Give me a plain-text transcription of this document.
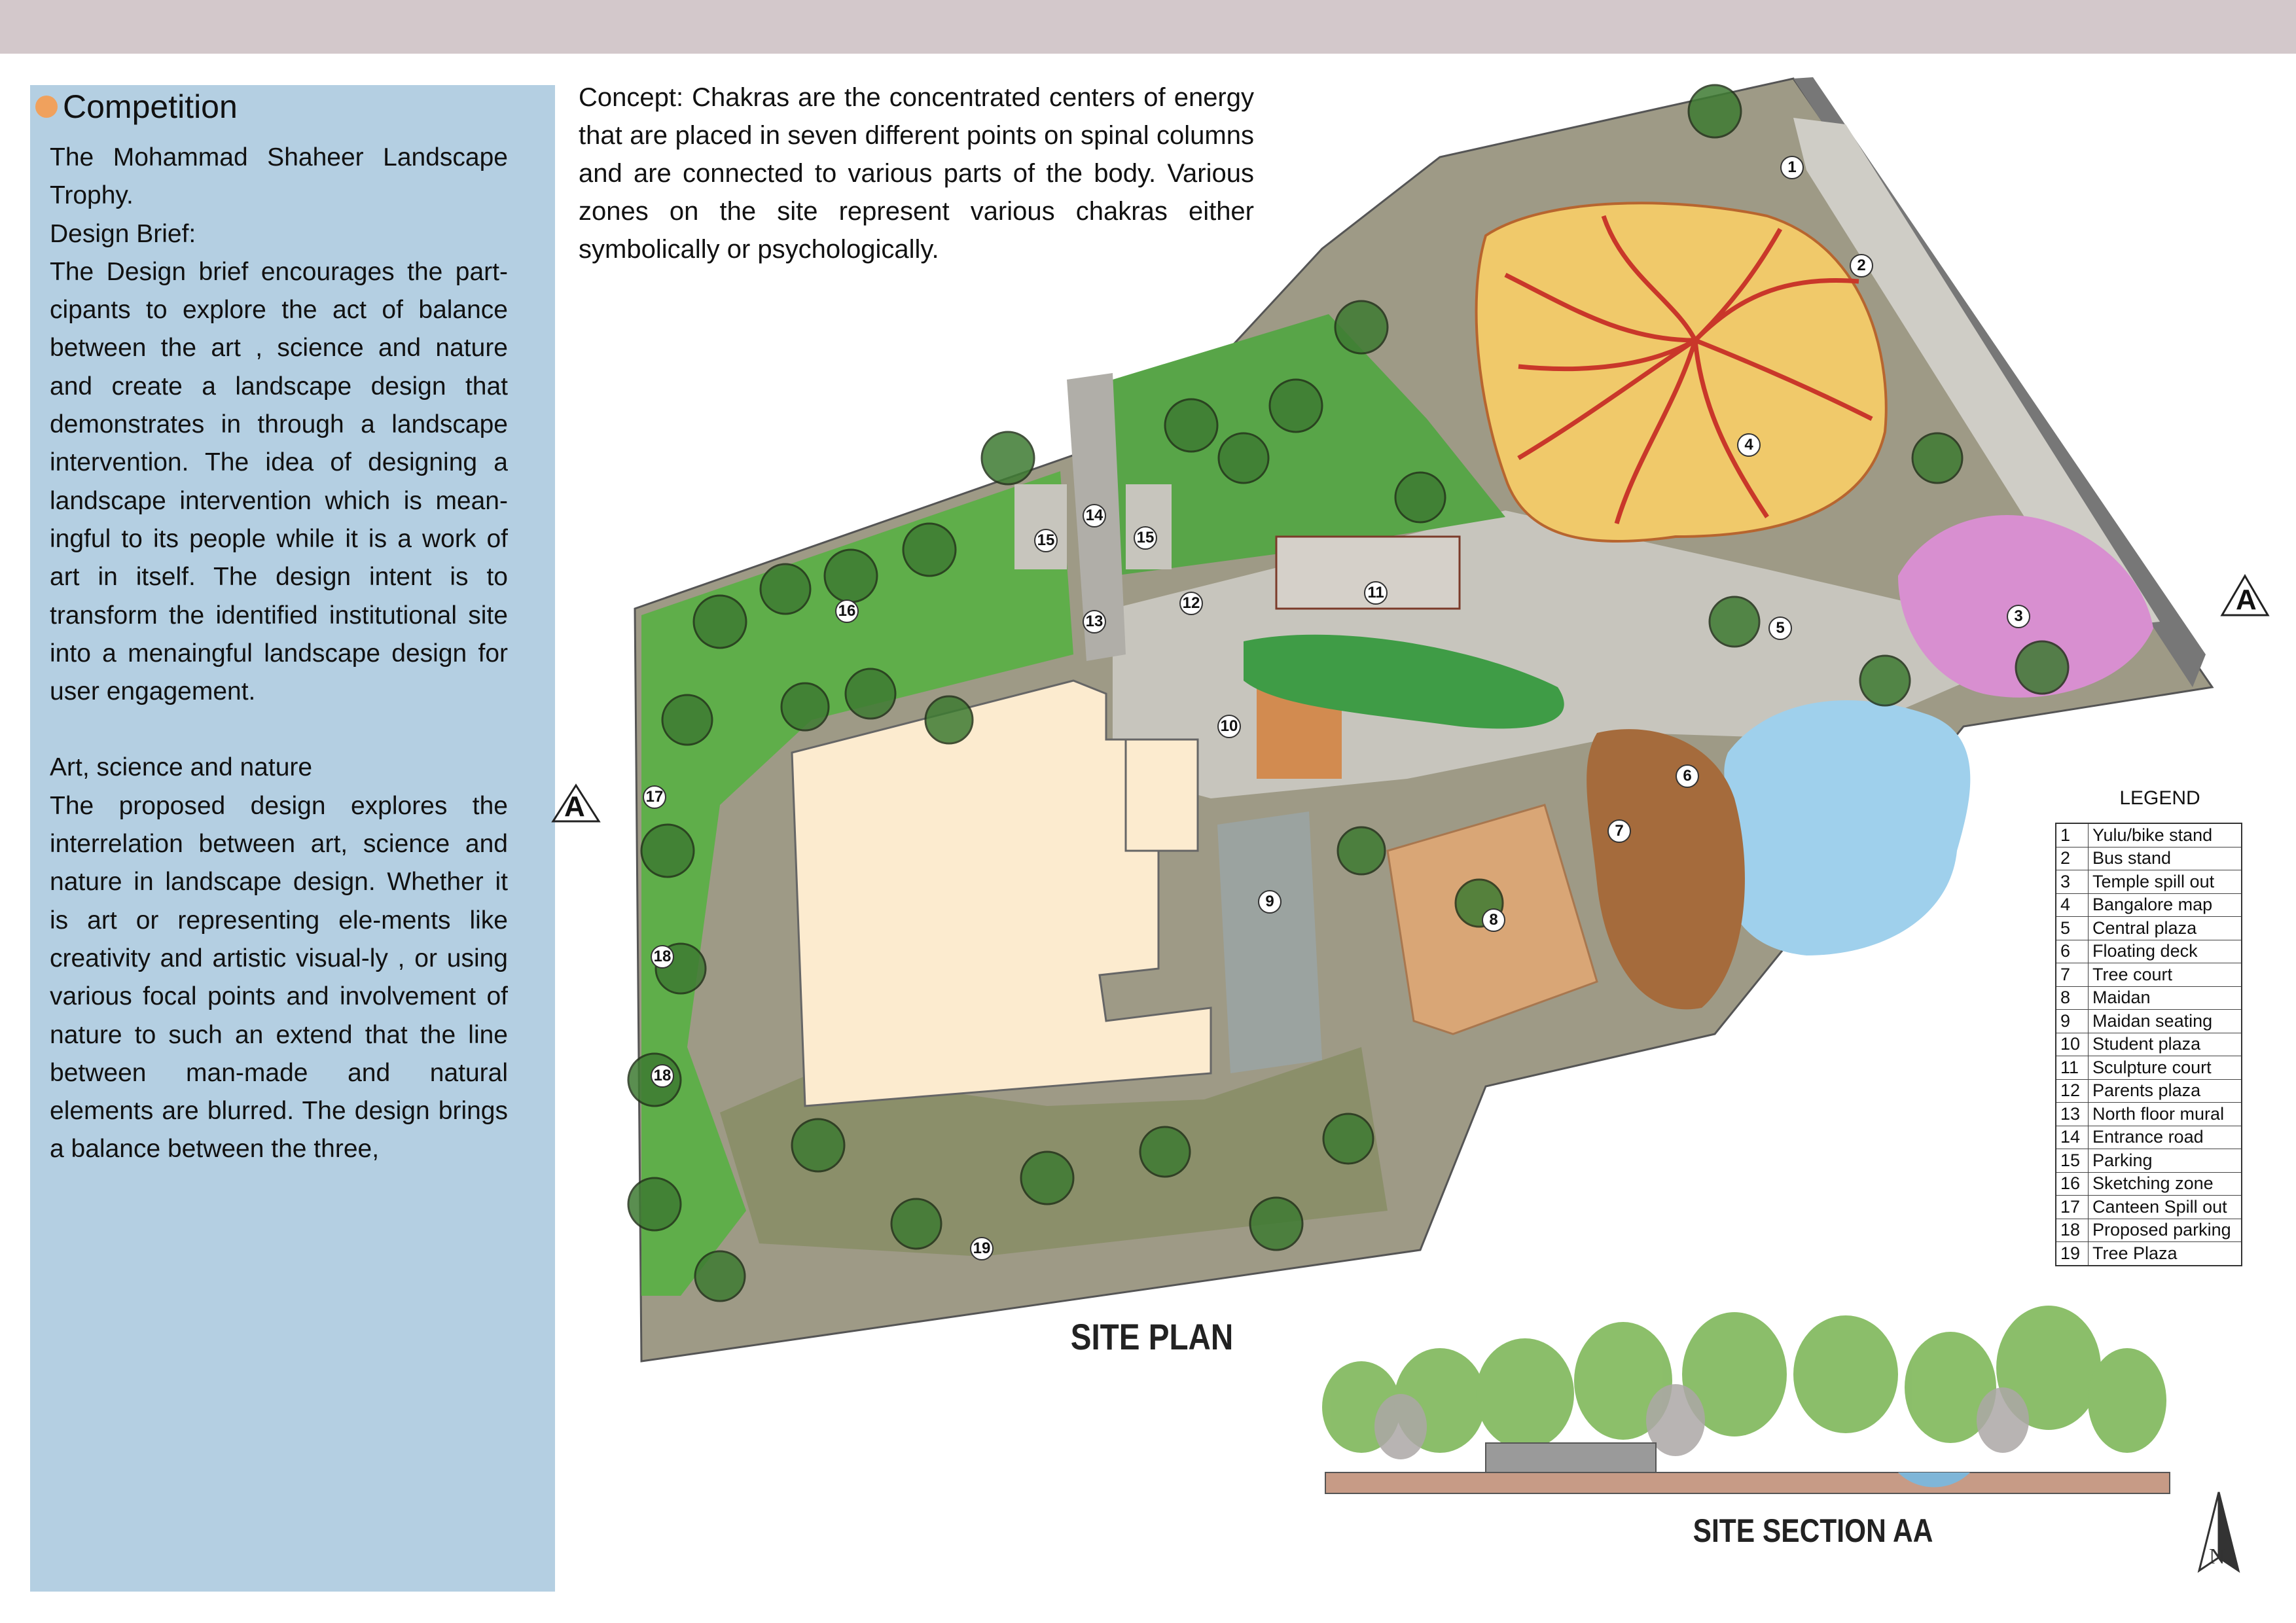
Competition

The Mohammad Shaheer Landscape Trophy.

Design Brief:

The Design brief encourages the part-cipants to explore the act of balance between the art , science and nature and create a landscape design that demonstrates in through a landscape intervention. The idea of designing a landscape intervention which is mean-ingful to its people while it is a work of art in itself. The design intent is to transform the identified institutional site into a menaingful landscape design for user engagement.

Art, science and nature

The proposed design explores the interrelation between art, science and nature in landscape design. Whether it is art or representing ele-ments like creativity and artistic visual-ly , or using various focal points and involvement of nature to such an extend that the line between man-made and natural elements are blurred. The design brings a balance between the three,

Concept: Chakras are the concentrated centers of energy that are placed in seven different points on spinal columns and are connected to various parts of the body. Various zones on the site represent various chakras either symbolically or psychologically.
1
2
3
4
5
6
7
8
9
10
11
12
13
14
15	15
16
17
18
18
19
A
A
SITE PLAN
SITE SECTION AA
N
LEGEND
1	Yulu/bike stand
2	Bus stand
3	Temple spill out
4	Bangalore map
5	Central plaza
6	Floating deck
7	Tree court
8	Maidan
9	Maidan seating
10	Student plaza
11	Sculpture court
12	Parents plaza
13	North floor mural
14	Entrance road
15	Parking
16	Sketching zone
17	Canteen Spill out
18	Proposed parking
19	Tree Plaza
